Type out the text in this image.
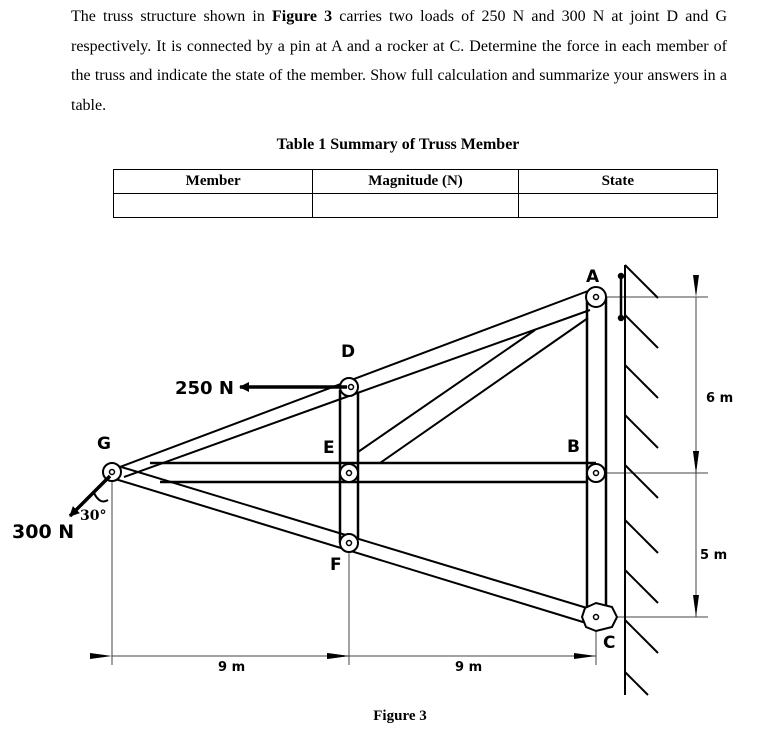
The truss structure shown in Figure 3 carries two loads of 250 N and 300 N at joint D and G respectively. It is connected by a pin at A and a rocker at C. Determine the force in each member of the truss and indicate the state of the member. Show full calculation and summarize your answers in a table.
Table 1 Summary of Truss Member
Member	Magnitude (N)	State

250 N
30°
300 N
G
D
E
F
A
B
C
9 m	9 m
6 m
5 m
Figure 3
